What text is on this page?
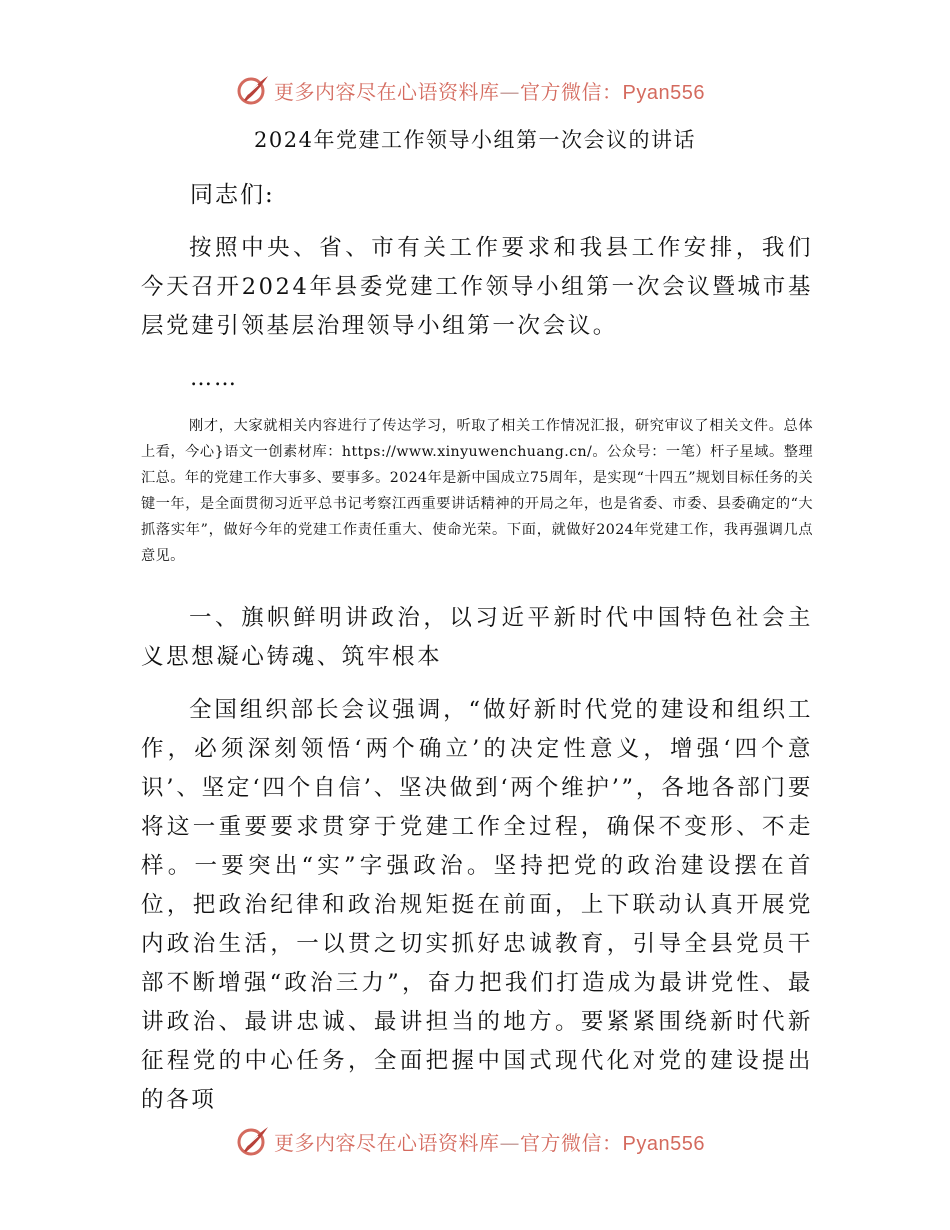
更多内容尽在心语资料库—官方微信：Pyan556
2024年党建工作领导小组第一次会议的讲话
同志们:

按照中央、省、市有关工作要求和我县工作安排，我们今天召开2024年县委党建工作领导小组第一次会议暨城市基层党建引领基层治理领导小组第一次会议。

……

刚才，大家就相关内容进行了传达学习，听取了相关工作情况汇报，研究审议了相关文件。总体上看，今心}语文一创素材库：https://www.xinyuwenchuang.cn/。公众号：一笔）杆子星域。整理汇总。年的党建工作大事多、要事多。2024年是新中国成立75周年，是实现“十四五”规划目标任务的关键一年，是全面贯彻习近平总书记考察江西重要讲话精神的开局之年，也是省委、市委、县委确定的“大抓落实年”，做好今年的党建工作责任重大、使命光荣。下面，就做好2024年党建工作，我再强调几点意见。

一、旗帜鲜明讲政治，以习近平新时代中国特色社会主义思想凝心铸魂、筑牢根本

全国组织部长会议强调，“做好新时代党的建设和组织工作，必须深刻领悟‘两个确立’的决定性意义，增强‘四个意识’、坚定‘四个自信’、坚决做到‘两个维护’”，各地各部门要将这一重要要求贯穿于党建工作全过程，确保不变形、不走样。一要突出“实”字强政治。坚持把党的政治建设摆在首位，把政治纪律和政治规矩挺在前面，上下联动认真开展党内政治生活，一以贯之切实抓好忠诚教育，引导全县党员干部不断增强“政治三力”，奋力把我们打造成为最讲党性、最讲政治、最讲忠诚、最讲担当的地方。要紧紧围绕新时代新征程党的中心任务，全面把握中国式现代化对党的建设提出的各项

更多内容尽在心语资料库—官方微信：Pyan556
